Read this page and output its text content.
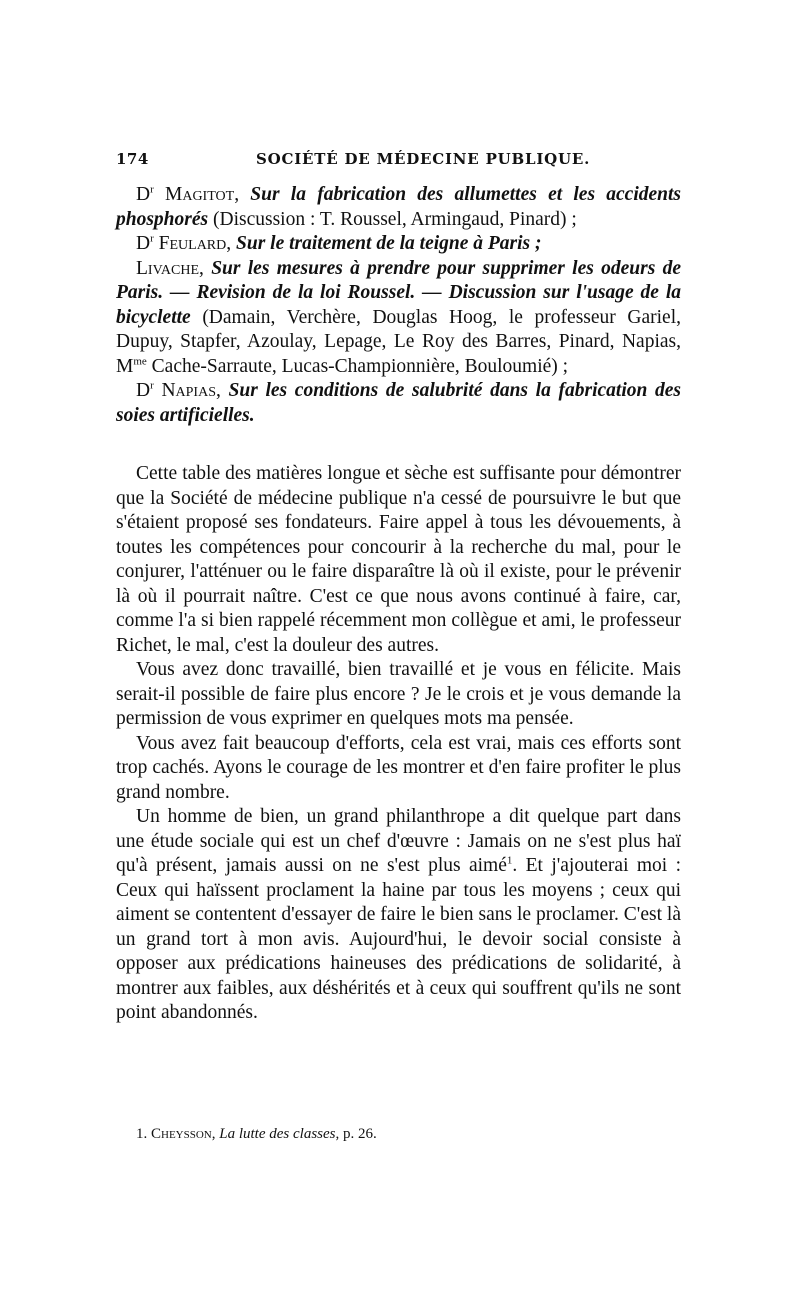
174	SOCIÉTÉ DE MÉDECINE PUBLIQUE.

$D^r$ Magitot, Sur la fabrication des allumettes et les accidents phosphorés (Discussion : T. Roussel, Armingaud, Pinard) ;

$D^r$ Feulard, Sur le traitement de la teigne à Paris ;

Livache, Sur les mesures à prendre pour supprimer les odeurs de Paris. — Revision de la loi Roussel. — Discussion sur l'usage de la bicyclette (Damain, Verchère, Douglas Hoog, le professeur Gariel, Dupuy, Stapfer, Azoulay, Lepage, Le Roy des Barres, Pinard, Napias, $M^{me}$ Cache-Sarraute, Lucas-Championnière, Bouloumié) ;

$D^r$ Napias, Sur les conditions de salubrité dans la fabrication des soies artificielles.

Cette table des matières longue et sèche est suffisante pour démontrer que la Société de médecine publique n'a cessé de poursuivre le but que s'étaient proposé ses fondateurs. Faire appel à tous les dévouements, à toutes les compétences pour concourir à la recherche du mal, pour le conjurer, l'atténuer ou le faire disparaître là où il existe, pour le prévenir là où il pourrait naître. C'est ce que nous avons continué à faire, car, comme l'a si bien rappelé récemment mon collègue et ami, le professeur Richet, le mal, c'est la douleur des autres.

Vous avez donc travaillé, bien travaillé et je vous en félicite. Mais serait-il possible de faire plus encore ? Je le crois et je vous demande la permission de vous exprimer en quelques mots ma pensée.

Vous avez fait beaucoup d'efforts, cela est vrai, mais ces efforts sont trop cachés. Ayons le courage de les montrer et d'en faire profiter le plus grand nombre.

Un homme de bien, un grand philanthrope a dit quelque part dans une étude sociale qui est un chef d'œuvre : Jamais on ne s'est plus haï qu'à présent, jamais aussi on ne s'est plus aimé$^1$. Et j'ajouterai moi : Ceux qui haïssent proclament la haine par tous les moyens ; ceux qui aiment se contentent d'essayer de faire le bien sans le proclamer. C'est là un grand tort à mon avis. Aujourd'hui, le devoir social consiste à opposer aux prédications haineuses des prédications de solidarité, à montrer aux faibles, aux déshérités et à ceux qui souffrent qu'ils ne sont point abandonnés.

1. Cheysson, La lutte des classes, p. 26.
